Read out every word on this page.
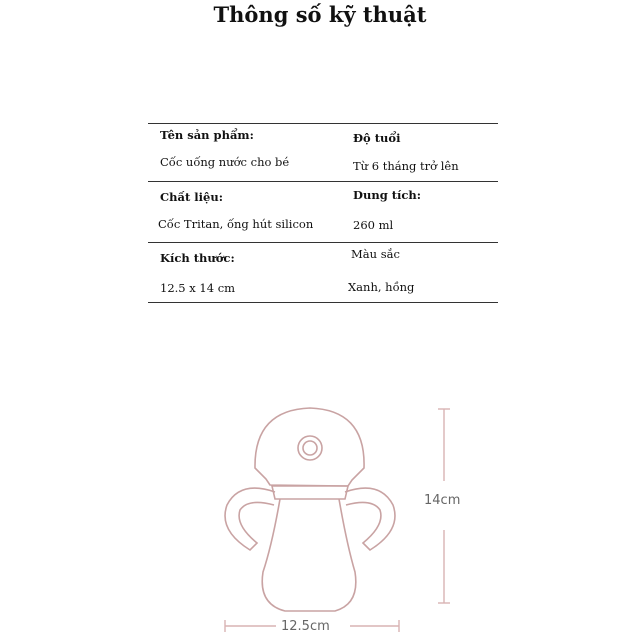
Thông số kỹ thuật
Tên sản phẩm:
Cốc uống nước cho bé
Độ tuổi
Từ 6 tháng trở lên
Chất liệu:
Cốc Tritan, ống hút silicon
Dung tích:
260 ml
Kích thước:
12.5 x 14 cm
Màu sắc
Xanh, hồng
14cm
12.5cm
